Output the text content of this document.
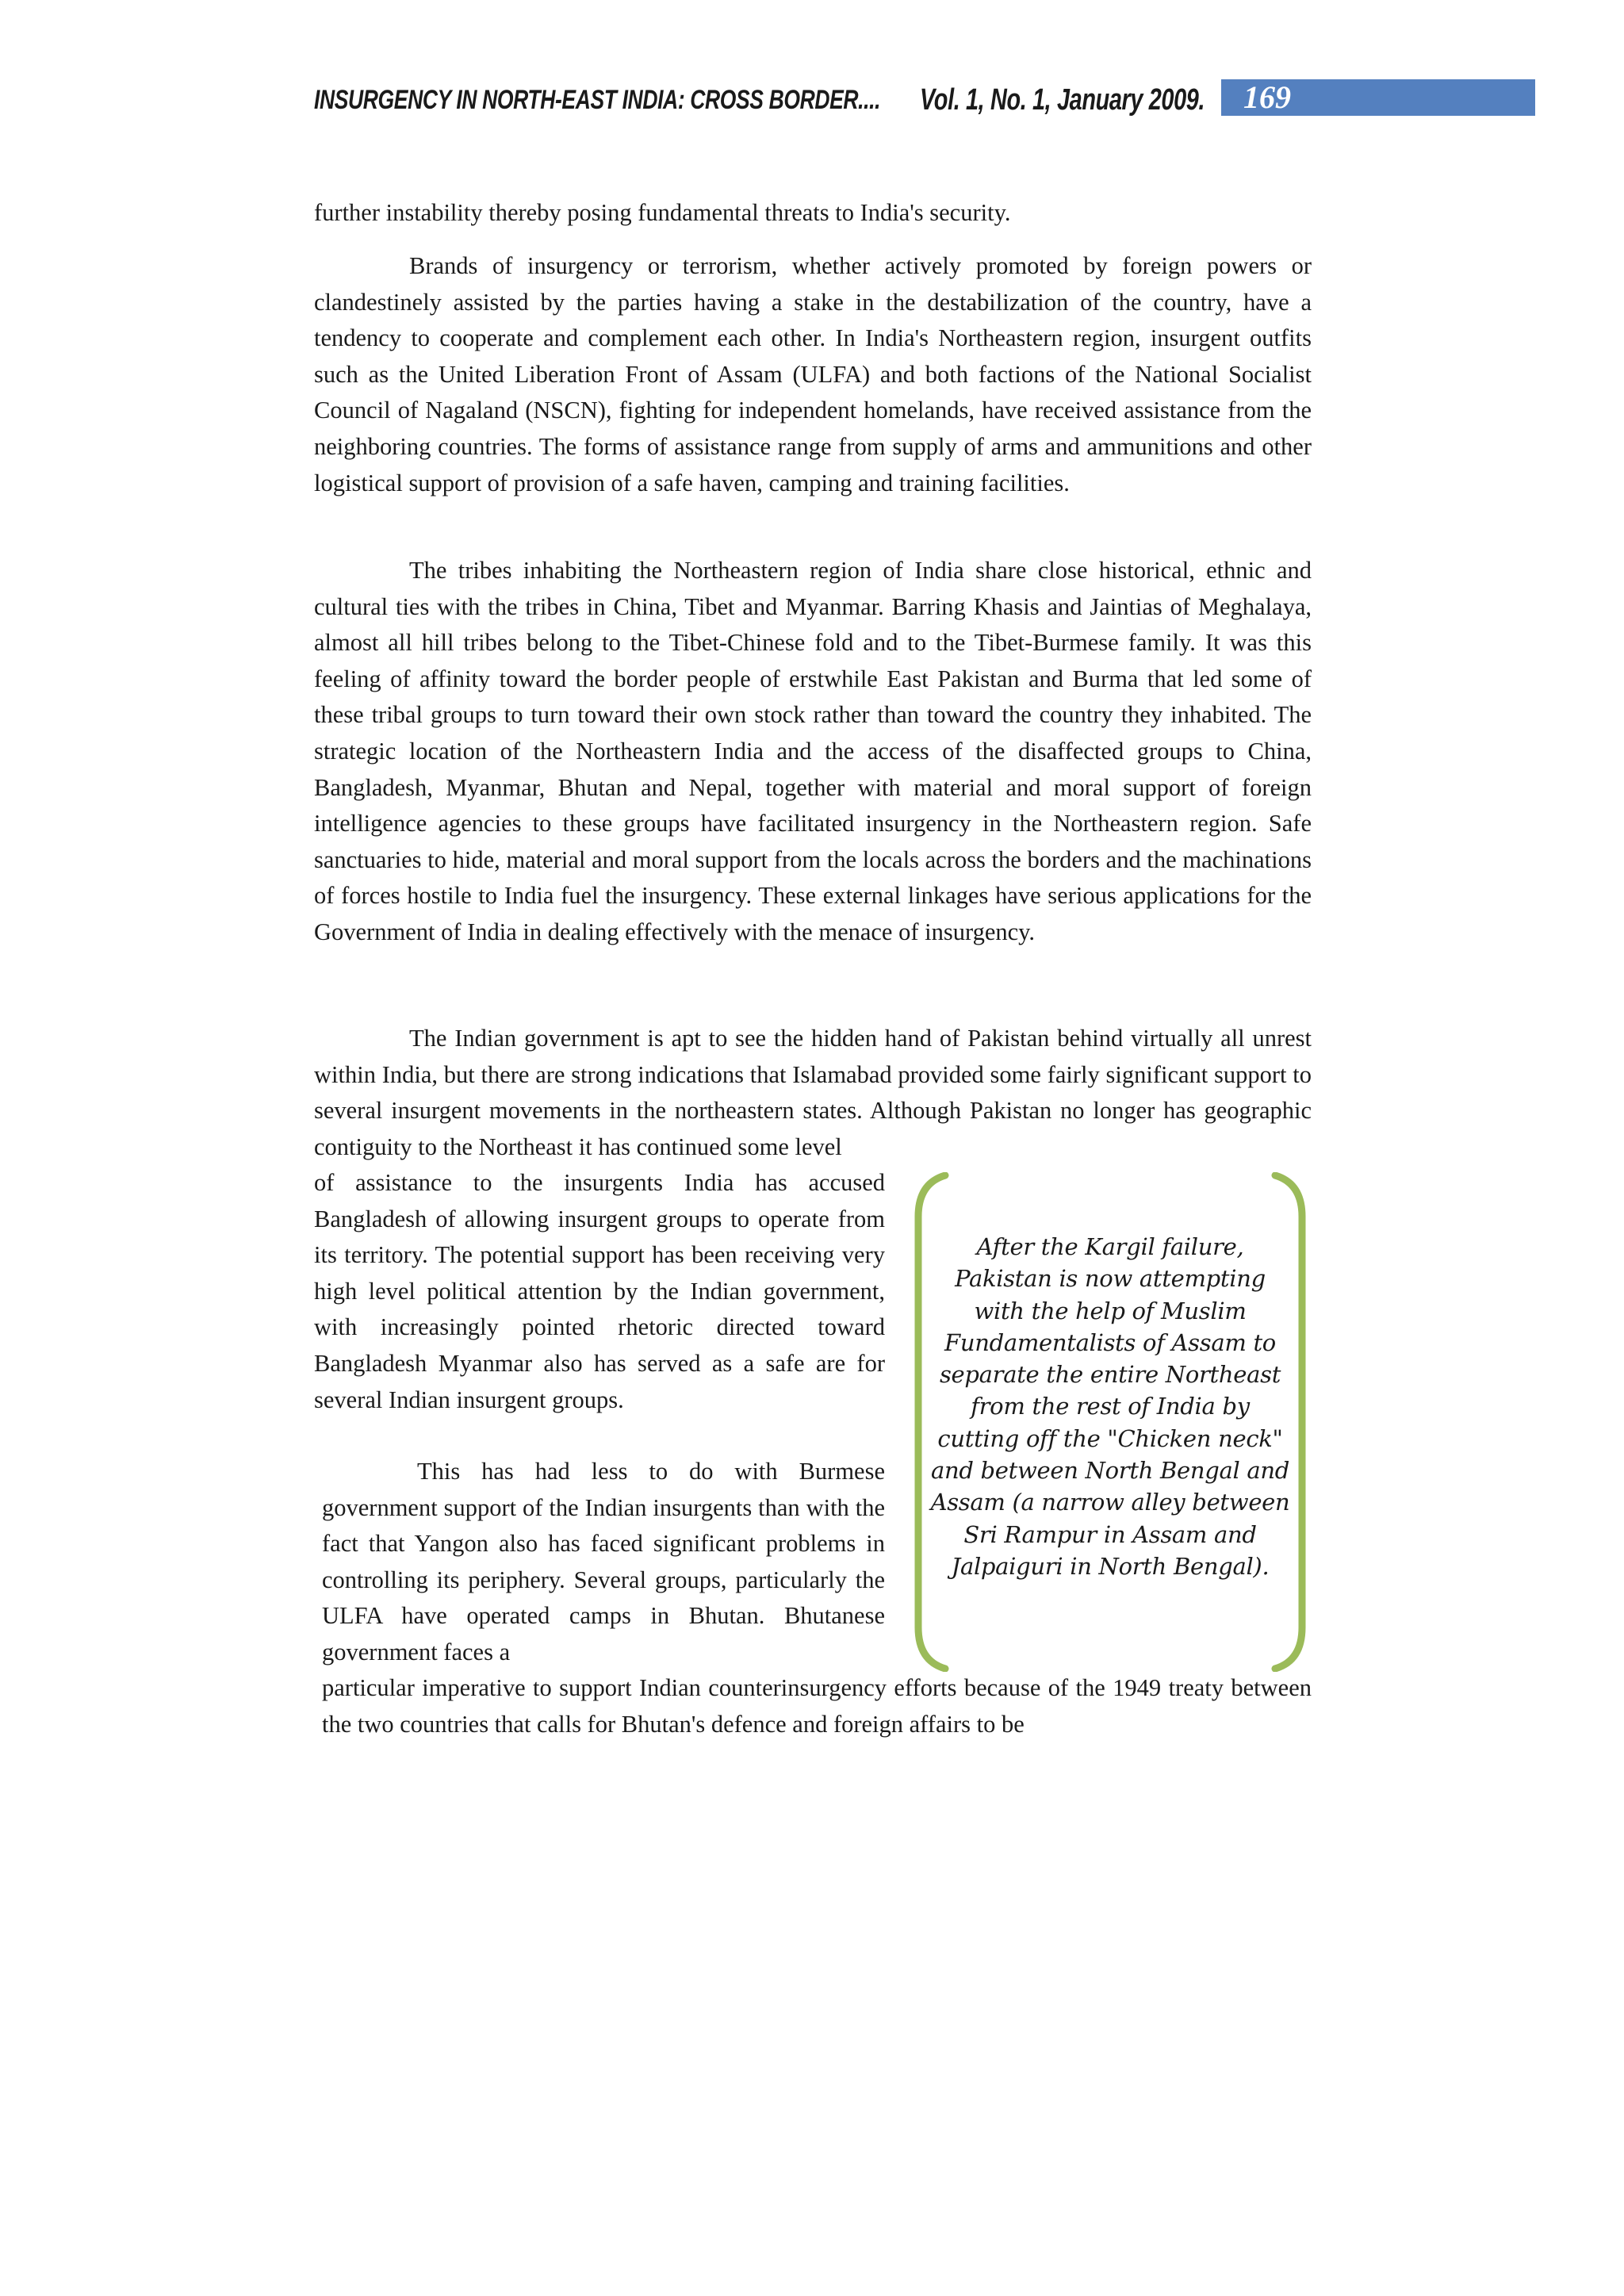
INSURGENCY IN NORTH-EAST INDIA: CROSS BORDER.... Vol. 1, No. 1, January 2009. 169

further instability thereby posing fundamental threats to India's security.

Brands of insurgency or terrorism, whether actively promoted by foreign powers or clandestinely assisted by the parties having a stake in the destabilization of the country, have a tendency to cooperate and complement each other. In India's Northeastern region, insurgent outfits such as the United Liberation Front of Assam (ULFA) and both factions of the National Socialist Council of Nagaland (NSCN), fighting for independent homelands, have received assistance from the neighboring countries. The forms of assistance range from supply of arms and ammunitions and other logistical support of provision of a safe haven, camping and training facilities.

The tribes inhabiting the Northeastern region of India share close historical, ethnic and cultural ties with the tribes in China, Tibet and Myanmar. Barring Khasis and Jaintias of Meghalaya, almost all hill tribes belong to the Tibet-Chinese fold and to the Tibet-Burmese family. It was this feeling of affinity toward the border people of erstwhile East Pakistan and Burma that led some of these tribal groups to turn toward their own stock rather than toward the country they inhabited. The strategic location of the Northeastern India and the access of the disaffected groups to China, Bangladesh, Myanmar, Bhutan and Nepal, together with material and moral support of foreign intelligence agencies to these groups have facilitated insurgency in the Northeastern region. Safe sanctuaries to hide, material and moral support from the locals across the borders and the machinations of forces hostile to India fuel the insurgency. These external linkages have serious applications for the Government of India in dealing effectively with the menace of insurgency.

The Indian government is apt to see the hidden hand of Pakistan behind virtually all unrest within India, but there are strong indications that Islamabad provided some fairly significant support to several insurgent movements in the northeastern states. Although Pakistan no longer has geographic contiguity to the Northeast it has continued some level

of assistance to the insurgents India has accused Bangladesh of allowing insurgent groups to operate from its territory. The potential support has been receiving very high level political attention by the Indian government, with increasingly pointed rhetoric directed toward Bangladesh Myanmar also has served as a safe are for several Indian insurgent groups.

This has had less to do with Burmese government support of the Indian insurgents than with the fact that Yangon also has faced significant problems in controlling its periphery. Several groups, particularly the ULFA have operated camps in Bhutan. Bhutanese government faces a

particular imperative to support Indian counterinsurgency efforts because of the 1949 treaty between the two countries that calls for Bhutan's defence and foreign affairs to be

After the Kargil failure, Pakistan is now attempting with the help of Muslim Fundamentalists of Assam to separate the entire Northeast from the rest of India by cutting off the "Chicken neck" and between North Bengal and Assam (a narrow alley between Sri Rampur in Assam and Jalpaiguri in North Bengal).
